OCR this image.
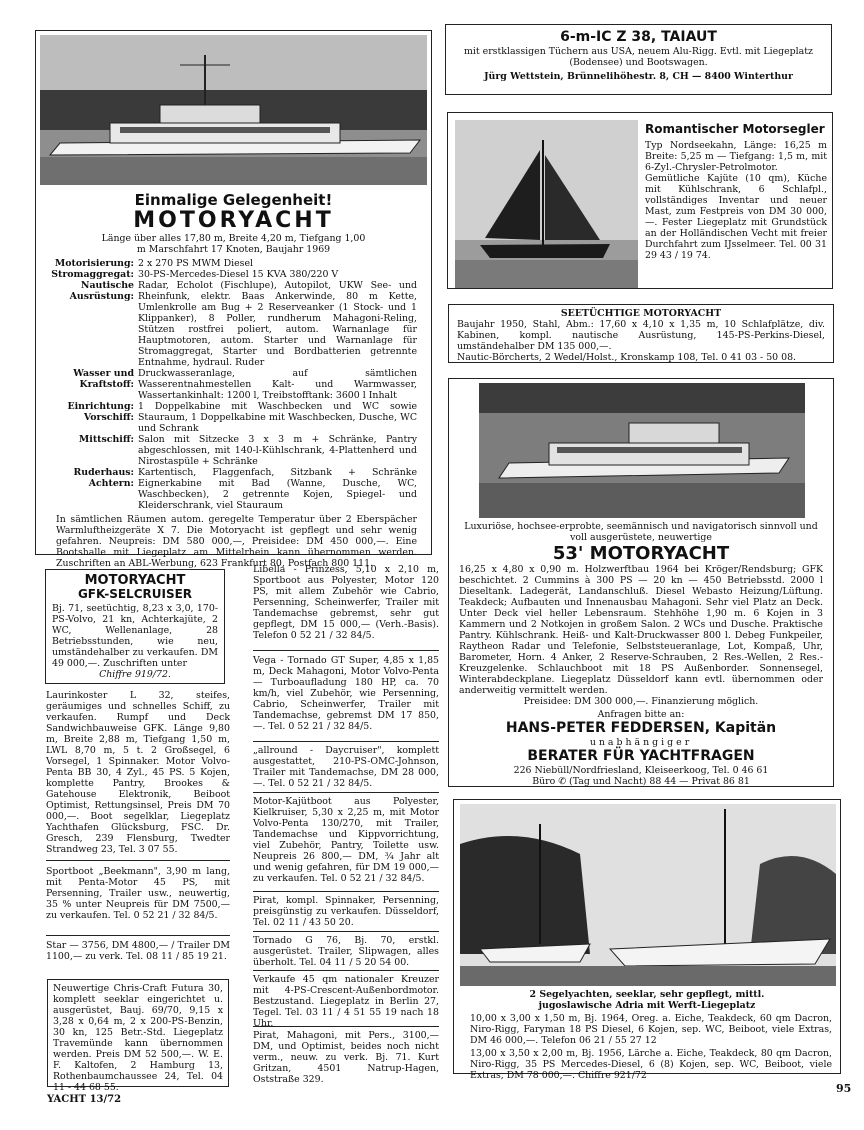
Einmalige Gelegenheit!
MOTORYACHT
Länge über alles 17,80 m, Breite 4,20 m, Tiefgang 1,00 m Marschfahrt 17 Knoten, Baujahr 1969
Motorisierung: 2 x 270 PS MWM Diesel
Stromaggregat: 30-PS-Mercedes-Diesel 15 KVA 380/220 V
Nautische Ausrüstung:
Radar, Echolot (Fischlupe), Autopilot, UKW See- und Rheinfunk, elektr. Baas Ankerwinde, 80 m Kette, Umlenkrolle am Bug + 2 Reserveanker (1 Stock- und 1 Klippanker), 8 Poller, rundherum Mahagoni-Reling, Stützen rostfrei poliert, autom. Warnanlage für Hauptmotoren, autom. Starter und Warnanlage für Stromaggregat, Starter und Bordbatterien getrennte Entnahme, hydraul. Ruder
Wasser und Kraftstoff:
Druckwasseranlage, auf sämtlichen Wasserentnahmestellen Kalt- und Warmwasser, Wassertankinhalt: 1200 l, Treibstofftank: 3600 l Inhalt
Einrichtung: Vorschiff:
1 Doppelkabine mit Waschbecken und WC sowie Stauraum, 1 Doppelkabine mit Waschbecken, Dusche, WC und Schrank
Mittschiff: Salon mit Sitzecke 3 x 3 m + Schränke, Pantry abgeschlossen, mit 140-l-Kühlschrank, 4-Plattenherd und Nirostaspüle + Schränke
Ruderhaus: Achtern:
Kartentisch, Flaggenfach, Sitzbank + Schränke Eignerkabine mit Bad (Wanne, Dusche, WC, Waschbecken), 2 getrennte Kojen, Spiegel- und Kleiderschrank, viel Stauraum
In sämtlichen Räumen autom. geregelte Temperatur über 2 Eberspächer Warmluftheizgeräte X 7. Die Motoryacht ist gepflegt und sehr wenig gefahren. Neupreis: DM 580 000,—, Preisidee: DM 450 000,—. Eine Bootshalle mit Liegeplatz am Mittelrhein kann übernommen werden. Zuschriften an ABL-Werbung, 623 Frankfurt 80, Postfach 800 111.
MOTORYACHT
GFK-SELCRUISER
Bj. 71, seetüchtig, 8,23 x 3,0, 170-PS-Volvo, 21 kn, Achterkajüte, 2 WC, Wellenanlage, 28 Betriebsstunden, wie neu, umständehalber zu verkaufen. DM 49 000,—. Zuschriften unter
Chiffre 919/72.
Laurinkoster L 32, steifes, geräumiges und schnelles Schiff, zu verkaufen. Rumpf und Deck Sandwichbauweise GFK. Länge 9,80 m, Breite 2,88 m, Tiefgang 1,50 m, LWL 8,70 m, 5 t. 2 Großsegel, 6 Vorsegel, 1 Spinnaker. Motor Volvo-Penta BB 30, 4 Zyl., 45 PS. 5 Kojen, komplette Pantry, Brookes & Gatehouse Elektronik, Beiboot Optimist, Rettungsinsel, Preis DM 70 000,—. Boot segelklar, Liegeplatz Yachthafen Glücksburg, FSC. Dr. Gresch, 239 Flensburg, Twedter Strandweg 23, Tel. 3 07 55.
Sportboot „Beekmann", 3,90 m lang, mit Penta-Motor 45 PS, mit Persenning, Trailer usw., neuwertig, 35 % unter Neupreis für DM 7500,— zu verkaufen. Tel. 0 52 21 / 32 84/5.
Star — 3756, DM 4800,— / Trailer DM 1100,— zu verk. Tel. 08 11 / 85 19 21.
Neuwertige Chris-Craft Futura 30, komplett seeklar eingerichtet u. ausgerüstet, Bauj. 69/70, 9,15 x 3,28 x 0,64 m, 2 x 200-PS-Benzin, 30 kn, 125 Betr.-Std. Liegeplatz Travemünde kann übernommen werden. Preis DM 52 500,—. W. E. F. Kaltofen, 2 Hamburg 13, Rothenbaumchaussee 24, Tel. 04 11 - 44 68 55.
Libella - Prinzess, 5,10 x 2,10 m, Sportboot aus Polyester, Motor 120 PS, mit allem Zubehör wie Cabrio, Persenning, Scheinwerfer, Trailer mit Tandemachse gebremst, sehr gut gepflegt, DM 15 000,— (Verh.-Basis). Telefon 0 52 21 / 32 84/5.
Vega - Tornado GT Super, 4,85 x 1,85 m, Deck Mahagoni, Motor Volvo-Penta — Turboaufladung 180 HP, ca. 70 km/h, viel Zubehör, wie Persenning, Cabrio, Scheinwerfer, Trailer mit Tandemachse, gebremst DM 17 850,—. Tel. 0 52 21 / 32 84/5.
„allround - Daycruiser", komplett ausgestattet, 210-PS-OMC-Johnson, Trailer mit Tandemachse, DM 28 000,—. Tel. 0 52 21 / 32 84/5.
Motor-Kajütboot aus Polyester, Kielkruiser, 5,30 x 2,25 m, mit Motor Volvo-Penta 130/270, mit Trailer, Tandemachse und Kippvorrichtung, viel Zubehör, Pantry, Toilette usw. Neupreis 26 800,— DM, ¾ Jahr alt und wenig gefahren, für DM 19 000,— zu verkaufen. Tel. 0 52 21 / 32 84/5.
Pirat, kompl. Spinnaker, Persenning, preisgünstig zu verkaufen. Düsseldorf, Tel. 02 11 / 43 50 20.
Tornado G 76, Bj. 70, erstkl. ausgerüstet. Trailer, Slipwagen, alles überholt. Tel. 04 11 / 5 20 54 00.
Verkaufe 45 qm nationaler Kreuzer mit 4-PS-Crescent-Außenbordmotor. Bestzustand. Liegeplatz in Berlin 27, Tegel. Tel. 03 11 / 4 51 55 19 nach 18 Uhr.
Pirat, Mahagoni, mit Pers., 3100,— DM, und Optimist, beides noch nicht verm., neuw. zu verk. Bj. 71. Kurt Gritzan, 4501 Natrup-Hagen, Oststraße 329.
6-m-IC Z 38, TAIAUT
mit erstklassigen Tüchern aus USA, neuem Alu-Rigg. Evtl. mit Liegeplatz (Bodensee) und Bootswagen.
Jürg Wettstein, Brünnelihöhestr. 8, CH — 8400 Winterthur
Romantischer Motorsegler
Typ Nordseekahn, Länge: 16,25 m Breite: 5,25 m — Tiefgang: 1,5 m, mit 6-Zyl.-Chrysler-Petrolmotor. Gemütliche Kajüte (10 qm), Küche mit Kühlschrank, 6 Schlafpl., vollständiges Inventar und neuer Mast, zum Festpreis von DM 30 000,—. Fester Liegeplatz mit Grundstück an der Holländischen Vecht mit freier Durchfahrt zum IJsselmeer. Tel. 00 31 29 43 / 19 74.
SEETÜCHTIGE MOTORYACHT
Baujahr 1950, Stahl, Abm.: 17,60 x 4,10 x 1,35 m, 10 Schlafplätze, div. Kabinen, kompl. nautische Ausrüstung, 145-PS-Perkins-Diesel, umständehalber DM 135 000,—.
Nautic-Börcherts, 2 Wedel/Holst., Kronskamp 108, Tel. 0 41 03 - 50 08.
Luxuriöse, hochsee-erprobte, seemännisch und navigatorisch sinnvoll und voll ausgerüstete, neuwertige
53' MOTORYACHT
16,25 x 4,80 x 0,90 m. Holzwerftbau 1964 bei Kröger/Rendsburg; GFK beschichtet. 2 Cummins à 300 PS — 20 kn — 450 Betriebsstd. 2000 l Dieseltank. Ladegerät, Landanschluß. Diesel Webasto Heizung/Lüftung. Teakdeck; Aufbauten und Innenausbau Mahagoni. Sehr viel Platz an Deck. Unter Deck viel heller Lebensraum. Stehhöhe 1,90 m. 6 Kojen in 3 Kammern und 2 Notkojen in großem Salon. 2 WCs und Dusche. Praktische Pantry. Kühlschrank. Heiß- und Kalt-Druckwasser 800 l. Debeg Funkpeiler, Raytheon Radar und Telefonie, Selbststeueranlage, Lot, Kompaß, Uhr, Barometer, Horn. 4 Anker, 2 Reserve-Schrauben, 2 Res.-Wellen, 2 Res.-Kreuzgelenke. Schlauchboot mit 18 PS Außenborder. Sonnensegel, Winterabdeckplane. Liegeplatz Düsseldorf kann evtl. übernommen oder anderweitig vermittelt werden.
Preisidee: DM 300 000,—. Finanzierung möglich.
Anfragen bitte an:
HANS-PETER FEDDERSEN, Kapitän
unabhängiger
BERATER FÜR YACHTFRAGEN
226 Niebüll/Nordfriesland, Kleiseerkoog, Tel. 0 46 61
Büro ✆ (Tag und Nacht) 88 44 — Privat 86 81
2 Segelyachten, seeklar, sehr gepflegt, mittl. jugoslawische Adria mit Werft-Liegeplatz
10,00 x 3,00 x 1,50 m, Bj. 1964, Oreg. a. Eiche, Teakdeck, 60 qm Dacron, Niro-Rigg, Faryman 18 PS Diesel, 6 Kojen, sep. WC, Beiboot, viele Extras, DM 46 000,—. Telefon 06 21 / 55 27 12
13,00 x 3,50 x 2,00 m, Bj. 1956, Lärche a. Eiche, Teakdeck, 80 qm Dacron, Niro-Rigg, 35 PS Mercedes-Diesel, 6 (8) Kojen, sep. WC, Beiboot, viele Extras, DM 78 000,—. Chiffre 921/72
YACHT 13/72
95
